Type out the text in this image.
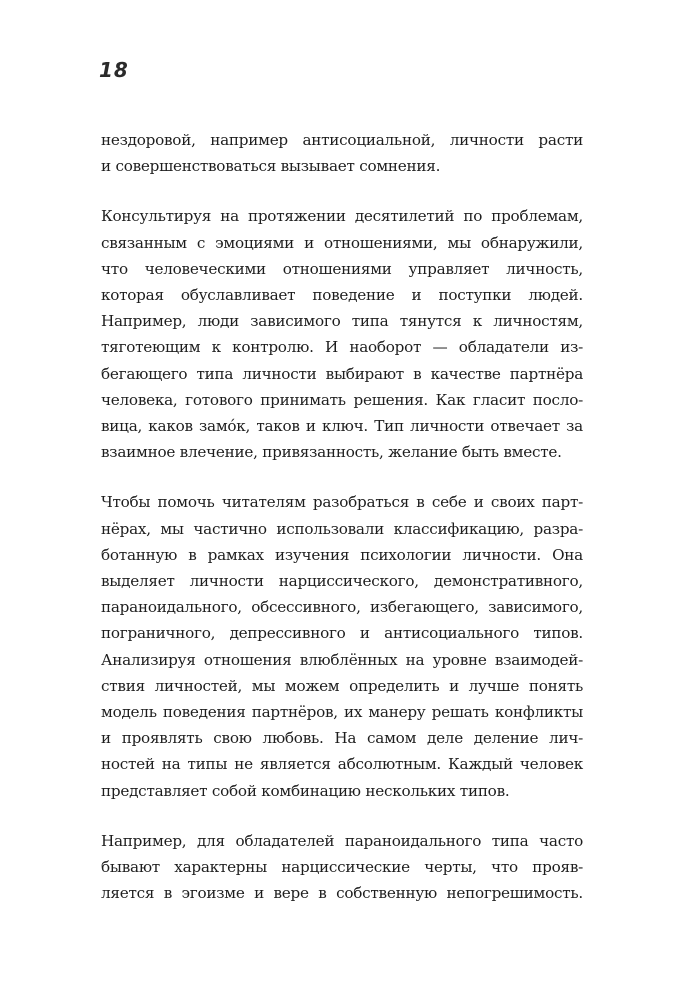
18

нездоровой, например антисоциальной, личности расти
и совершенствоваться вызывает сомнения.

Консультируя на протяжении десятилетий по проблемам,
связанным с эмоциями и отношениями, мы обнаружили,
что человеческими отношениями управляет личность,
которая обуславливает поведение и поступки людей.
Например, люди зависимого типа тянутся к личностям,
тяготеющим к контролю. И наоборот — обладатели из-
бегающего типа личности выбирают в качестве партнёра
человека, готового принимать решения. Как гласит посло-
вица, каков замо́к, таков и ключ. Тип личности отвечает за
взаимное влечение, привязанность, желание быть вместе.

Чтобы помочь читателям разобраться в себе и своих парт-
нёрах, мы частично использовали классификацию, разра-
ботанную в рамках изучения психологии личности. Она
выделяет личности нарциссического, демонстративного,
параноидального, обсессивного, избегающего, зависимого,
пограничного, депрессивного и антисоциального типов.
Анализируя отношения влюблённых на уровне взаимодей-
ствия личностей, мы можем определить и лучше понять
модель поведения партнёров, их манеру решать конфликты
и проявлять свою любовь. На самом деле деление лич-
ностей на типы не является абсолютным. Каждый человек
представляет собой комбинацию нескольких типов.

Например, для обладателей параноидального типа часто
бывают характерны нарциссические черты, что прояв-
ляется в эгоизме и вере в собственную непогрешимость.
